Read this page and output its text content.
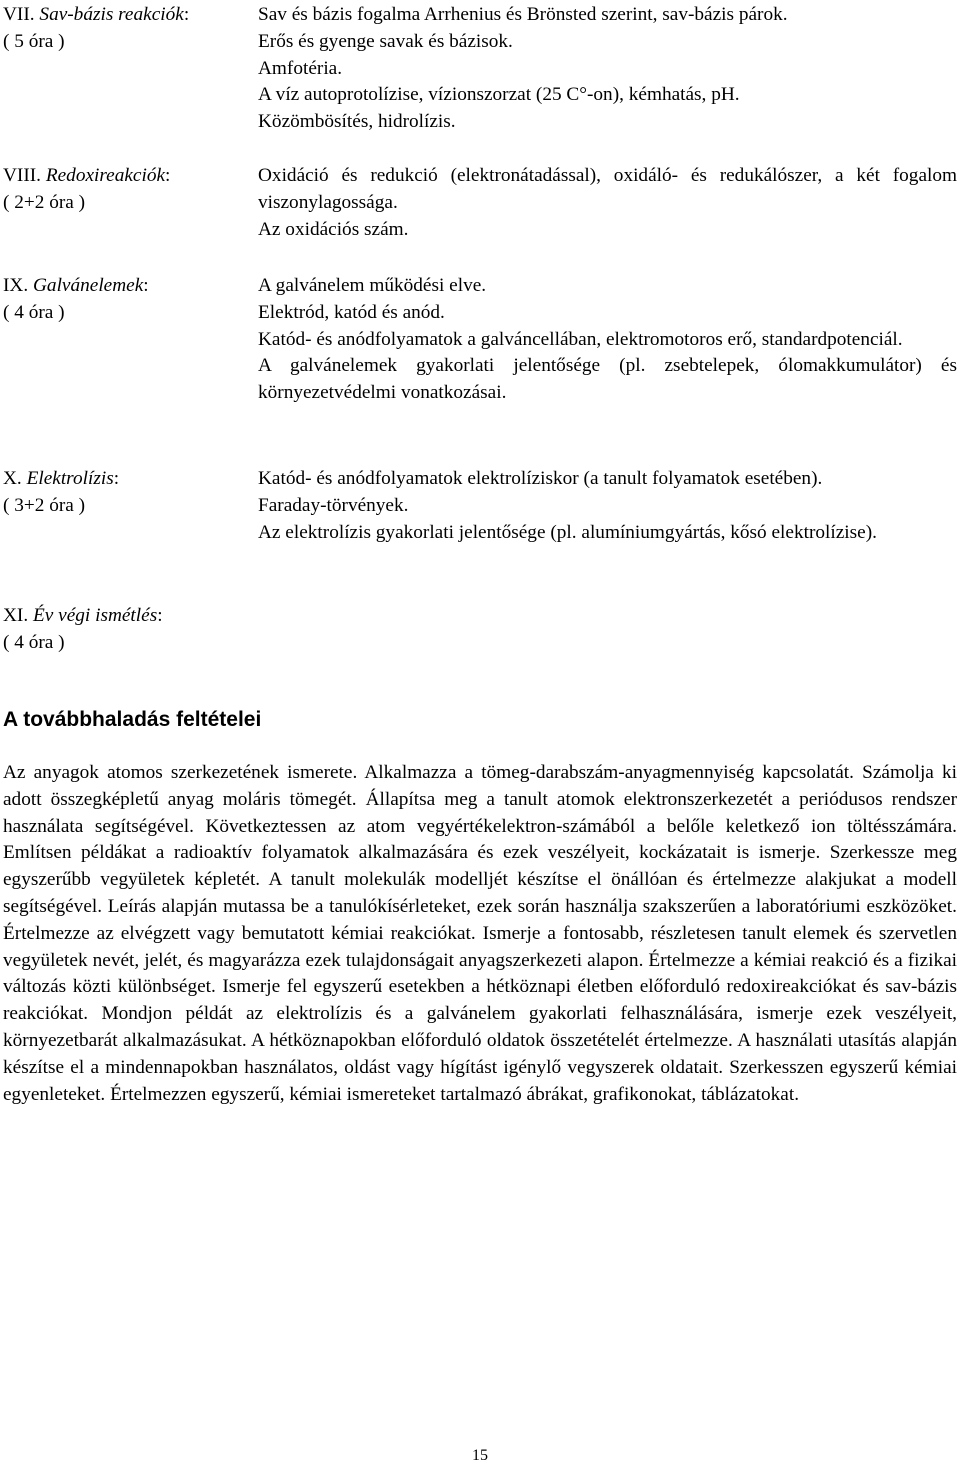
VII. Sav-bázis reakciók:
( 5 óra )
Sav és bázis fogalma Arrhenius és Brönsted szerint, sav-bázis párok.
Erős és gyenge savak és bázisok.
Amfotéria.
A víz autoprotolízise, vízionszorzat (25 C°-on), kémhatás, pH.
Közömbösítés, hidrolízis.
VIII. Redoxireakciók:
( 2+2 óra )
Oxidáció és redukció (elektronátadással), oxidáló- és redukálószer, a két fogalom viszonylagossága.
Az oxidációs szám.
IX. Galvánelemek:
( 4 óra )
A galvánelem működési elve.
Elektród, katód és anód.
Katód- és anódfolyamatok a galváncellában, elektromotoros erő, standardpotenciál.
A galvánelemek gyakorlati jelentősége (pl. zsebtelepek, ólomakkumulátor) és környezetvédelmi vonatkozásai.
X. Elektrolízis:
( 3+2 óra )
Katód- és anódfolyamatok elektrolíziskor (a tanult folyamatok esetében).
Faraday-törvények.
Az elektrolízis gyakorlati jelentősége (pl. alumíniumgyártás, kősó elektrolízise).
XI. Év végi ismétlés:
( 4 óra )
A továbbhaladás feltételei

Az anyagok atomos szerkezetének ismerete. Alkalmazza a tömeg-darabszám-anyagmennyiség kapcsolatát. Számolja ki adott összegképletű anyag moláris tömegét. Állapítsa meg a tanult atomok elektronszerkezetét a periódusos rendszer használata segítségével. Következtessen az atom vegyértékelektron-számából a belőle keletkező ion töltésszámára. Említsen példákat a radioaktív folyamatok alkalmazására és ezek veszélyeit, kockázatait is ismerje. Szerkessze meg egyszerűbb vegyületek képletét. A tanult molekulák modelljét készítse el önállóan és értelmezze alakjukat a modell segítségével. Leírás alapján mutassa be a tanulókísérleteket, ezek során használja szakszerűen a laboratóriumi eszközöket. Értelmezze az elvégzett vagy bemutatott kémiai reakciókat. Ismerje a fontosabb, részletesen tanult elemek és szervetlen vegyületek nevét, jelét, és magyarázza ezek tulajdonságait anyagszerkezeti alapon. Értelmezze a kémiai reakció és a fizikai változás közti különbséget. Ismerje fel egyszerű esetekben a hétköznapi életben előforduló redoxireakciókat és sav-bázis reakciókat. Mondjon példát az elektrolízis és a galvánelem gyakorlati felhasználására, ismerje ezek veszélyeit, környezetbarát alkalmazásukat. A hétköznapokban előforduló oldatok összetételét értelmezze. A használati utasítás alapján készítse el a mindennapokban használatos, oldást vagy hígítást igénylő vegyszerek oldatait. Szerkesszen egyszerű kémiai egyenleteket. Értelmezzen egyszerű, kémiai ismereteket tartalmazó ábrákat, grafikonokat, táblázatokat.

15
